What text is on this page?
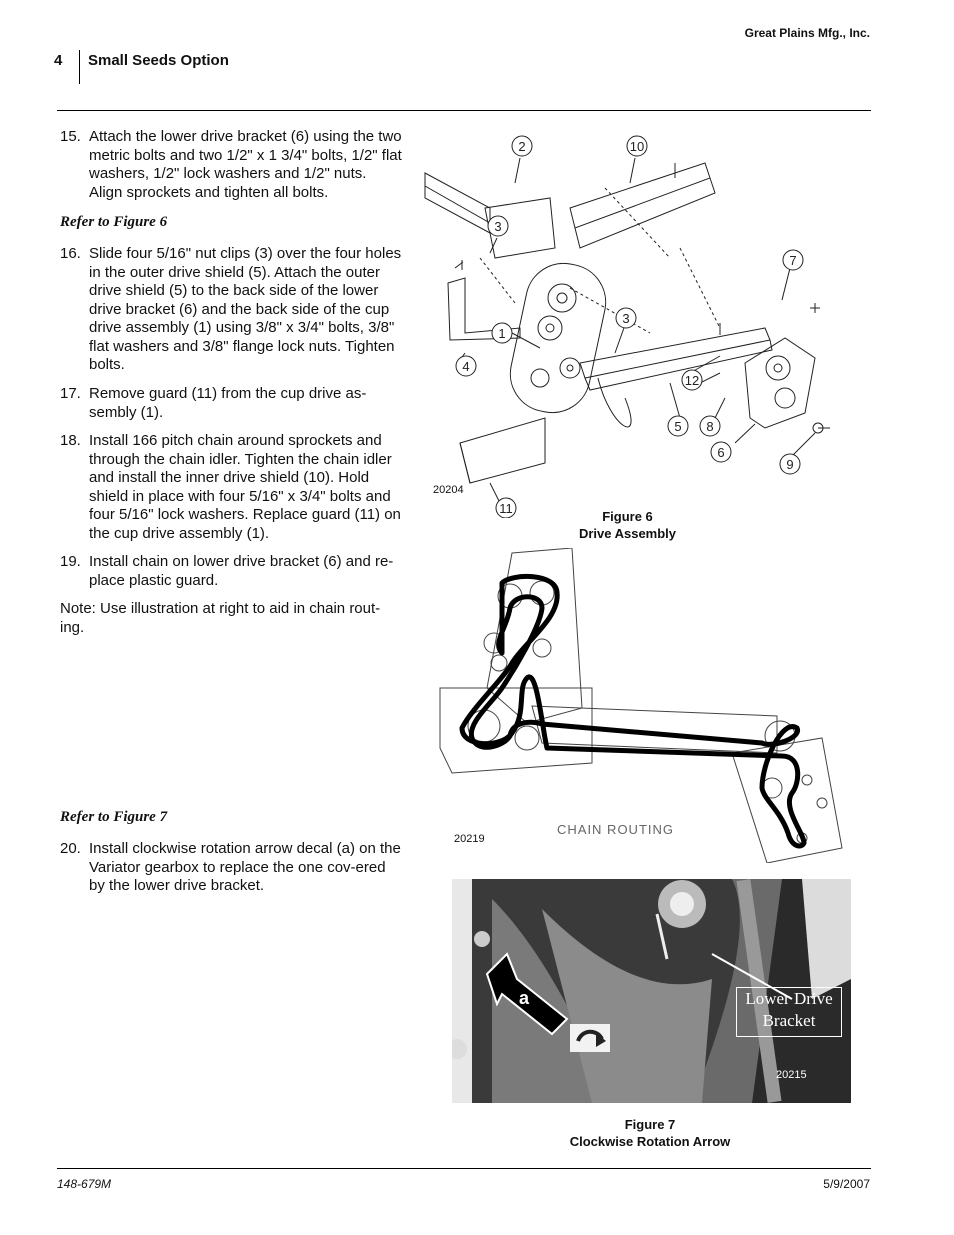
Great Plains Mfg., Inc.
4 Small Seeds Option
15. Attach the lower drive bracket (6) using the two metric bolts and two 1/2" x 1 3/4" bolts, 1/2" flat washers, 1/2" lock washers and 1/2" nuts. Align sprockets and tighten all bolts.
Refer to Figure 6
16. Slide four 5/16" nut clips (3) over the four holes in the outer drive shield (5). Attach the outer drive shield (5) to the back side of the lower drive bracket (6) and the back side of the cup drive assembly (1) using 3/8" x 3/4" bolts, 3/8" flat washers and 3/8" flange lock nuts. Tighten bolts.
17. Remove guard (11) from the cup drive as-sembly (1).
18. Install 166 pitch chain around sprockets and through the chain idler. Tighten the chain idler and install the inner drive shield (10). Hold shield in place with four 5/16" x 3/4" bolts and four 5/16" lock washers. Replace guard (11) on the cup drive assembly (1).
19. Install chain on lower drive bracket (6) and re-place plastic guard.
Note: Use illustration at right to aid in chain rout-ing.
Refer to Figure 7
20. Install clockwise rotation arrow decal (a) on the Variator gearbox to replace the one cov-ered by the lower drive bracket.
2	10
3
7
1
3
4
12
5 8
6
9
11
20204
Figure 6
Drive Assembly
CHAIN ROUTING
20219
a	Lower Drive
Bracket
20215
Figure 7
Clockwise Rotation Arrow
148-679M	5/9/2007
